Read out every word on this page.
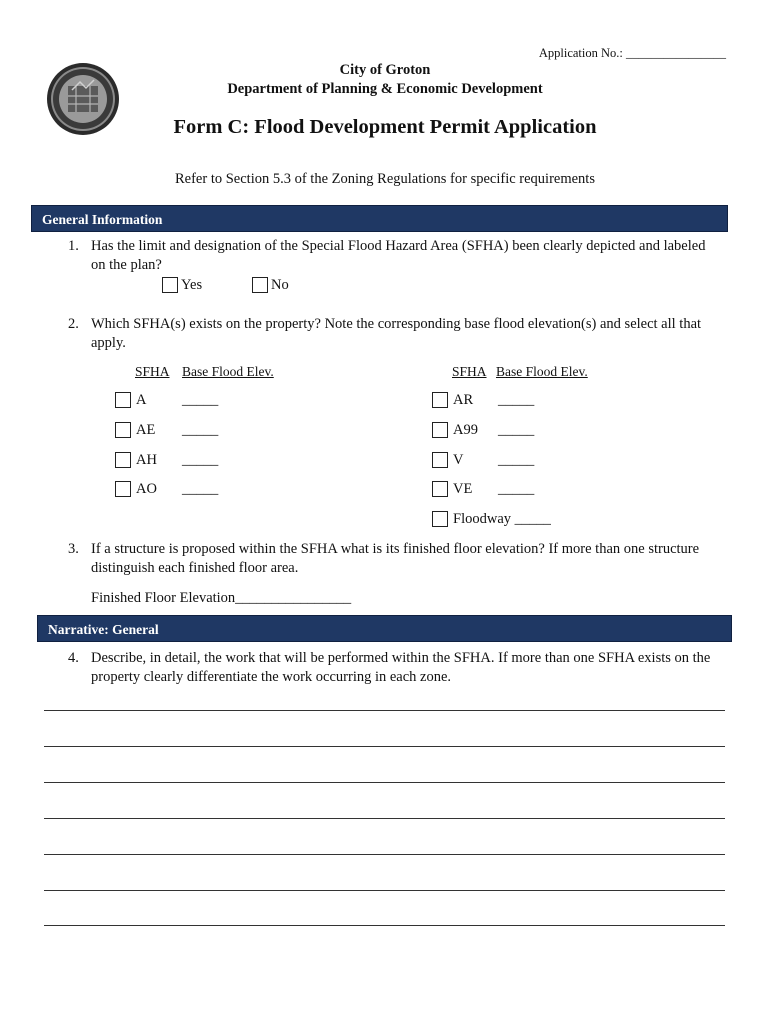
Application No.: ________________
City of Groton
Department of Planning & Economic Development
Form C: Flood Development Permit Application
Refer to Section 5.3 of the Zoning Regulations for specific requirements
General Information
1. Has the limit and designation of the Special Flood Hazard Area (SFHA) been clearly depicted and labeled on the plan?
Yes	No
2. Which SFHA(s) exists on the property? Note the corresponding base flood elevation(s) and select all that apply.
SFHA Base Flood Elev.	SFHA Base Flood Elev.
A _____
AE _____
AH _____
AO _____
AR _____
A99 _____
V _____
VE _____
Floodway _____
3. If a structure is proposed within the SFHA what is its finished floor elevation? If more than one structure distinguish each finished floor area.
Finished Floor Elevation________________
Narrative: General
4. Describe, in detail, the work that will be performed within the SFHA. If more than one SFHA exists on the property clearly differentiate the work occurring in each zone.
